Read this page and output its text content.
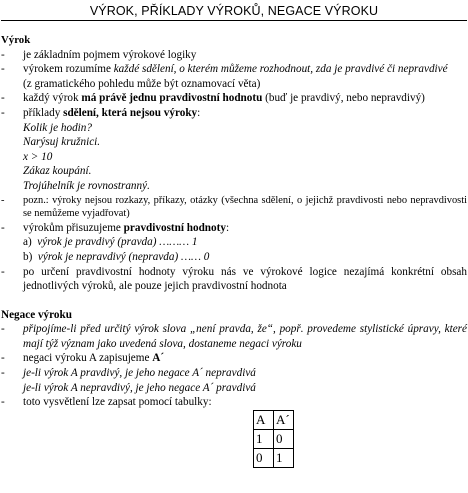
VÝROK, PŘÍKLADY VÝROKŮ, NEGACE VÝROKU
Výrok
- je základním pojmem výrokové logiky
- výrokem rozumíme každé sdělení, o kterém můžeme rozhodnout, zda je pravdivé či nepravdivé
(z gramatického pohledu může být oznamovací věta)
- každý výrok má právě jednu pravdivostní hodnotu (buď je pravdivý, nebo nepravdivý)
- příklady sdělení, která nejsou výroky:
Kolik je hodin?
Narýsuj kružnici.
x > 10
Zákaz koupání.
Trojúhelník je rovnostranný.
- pozn.: výroky nejsou rozkazy, příkazy, otázky (všechna sdělení, o jejichž pravdivosti nebo nepravdivosti se nemůžeme vyjadřovat)
- výrokům přisuzujeme pravdivostní hodnoty:
a) výrok je pravdivý (pravda) ……… 1
b) výrok je nepravdivý (nepravda) …… 0
- po určení pravdivostní hodnoty výroku nás ve výrokové logice nezajímá konkrétní obsah jednotlivých výroků, ale pouze jejich pravdivostní hodnota
Negace výroku
- připojíme-li před určitý výrok slova „není pravda, že“, popř. provedeme stylistické úpravy, které mají týž význam jako uvedená slova, dostaneme negaci výroku
- negaci výroku A zapisujeme A´
- je-li výrok A pravdivý, je jeho negace A´ nepravdivá
je-li výrok A nepravdivý, je jeho negace A´ pravdivá
- toto vysvětlení lze zapsat pomocí tabulky:
A	A´
1	0
0	1
